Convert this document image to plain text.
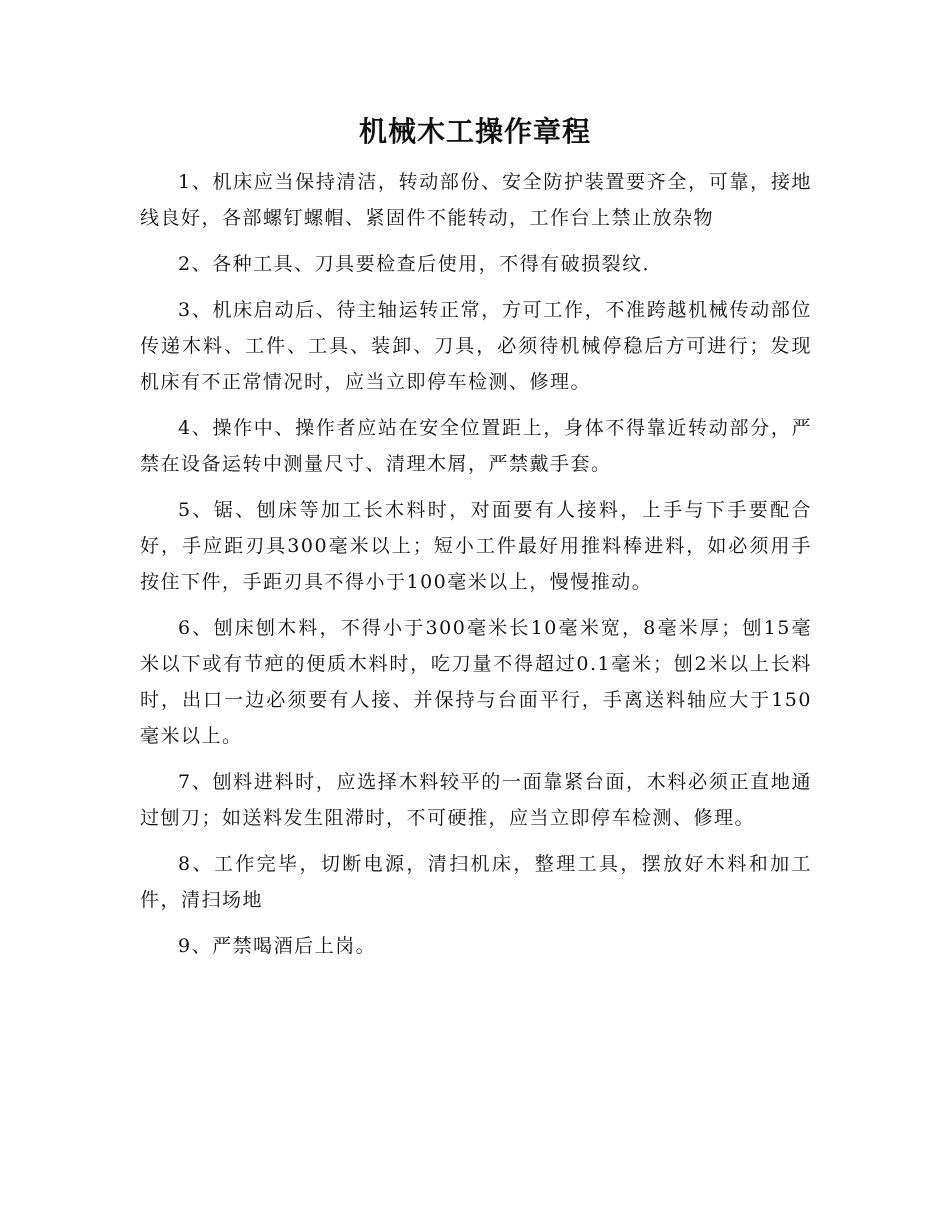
机械木工操作章程

1、机床应当保持清洁，转动部份、安全防护装置要齐全，可靠，接地线良好，各部螺钉螺帽、紧固件不能转动，工作台上禁止放杂物

2、各种工具、刀具要检查后使用，不得有破损裂纹．

3、机床启动后、待主轴运转正常，方可工作，不准跨越机械传动部位传递木料、工件、工具、装卸、刀具，必须待机械停稳后方可进行；发现机床有不正常情况时，应当立即停车检测、修理。

4、操作中、操作者应站在安全位置距上，身体不得靠近转动部分，严禁在设备运转中测量尺寸、清理木屑，严禁戴手套。

5、锯、刨床等加工长木料时，对面要有人接料，上手与下手要配合好，手应距刃具300毫米以上；短小工件最好用推料棒进料，如必须用手按住下件，手距刃具不得小于100毫米以上，慢慢推动。

6、刨床刨木料，不得小于300毫米长10毫米宽，8毫米厚；刨15毫米以下或有节疤的便质木料时，吃刀量不得超过0.1毫米；刨2米以上长料时，出口一边必须要有人接、并保持与台面平行，手离送料轴应大于150毫米以上。

7、刨料进料时，应选择木料较平的一面靠紧台面，木料必须正直地通过刨刀；如送料发生阻滞时，不可硬推，应当立即停车检测、修理。

8、工作完毕，切断电源，清扫机床，整理工具，摆放好木料和加工件，清扫场地

9、严禁喝酒后上岗。
